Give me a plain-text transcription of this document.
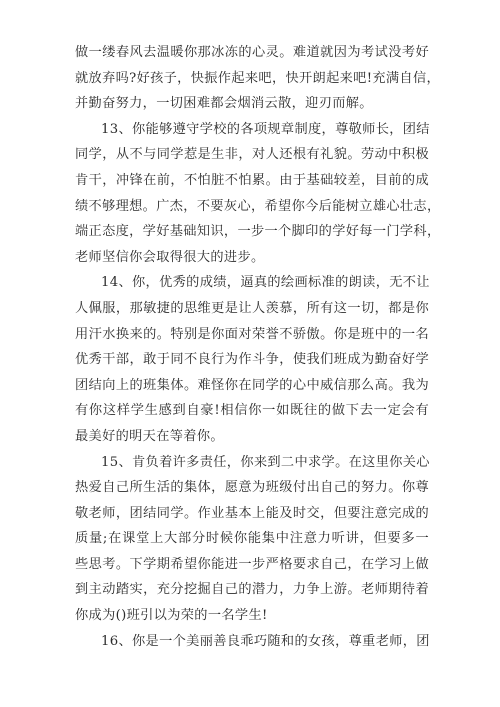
做一缕春风去温暖你那冰冻的心灵。难道就因为考试没考好
就放弃吗?好孩子，快振作起来吧，快开朗起来吧!充满自信，
并勤奋努力，一切困难都会烟消云散，迎刃而解。
13、你能够遵守学校的各项规章制度，尊敬师长，团结
同学，从不与同学惹是生非，对人还根有礼貌。劳动中积极
肯干，冲锋在前，不怕脏不怕累。由于基础较差，目前的成
绩不够理想。广杰，不要灰心，希望你今后能树立雄心壮志，
端正态度，学好基础知识，一步一个脚印的学好每一门学科，
老师坚信你会取得很大的进步。
14、你，优秀的成绩，逼真的绘画标准的朗读，无不让
人佩服，那敏捷的思维更是让人羡慕，所有这一切，都是你
用汗水换来的。特别是你面对荣誉不骄傲。你是班中的一名
优秀干部，敢于同不良行为作斗争，使我们班成为勤奋好学
团结向上的班集体。难怪你在同学的心中威信那么高。我为
有你这样学生感到自豪!相信你一如既往的做下去一定会有
最美好的明天在等着你。
15、肯负着许多责任，你来到二中求学。在这里你关心
热爱自己所生活的集体，愿意为班级付出自己的努力。你尊
敬老师，团结同学。作业基本上能及时交，但要注意完成的
质量;在课堂上大部分时候你能集中注意力听讲，但要多一
些思考。下学期希望你能进一步严格要求自己，在学习上做
到主动踏实，充分挖掘自己的潜力，力争上游。老师期待着
你成为()班引以为荣的一名学生!
16、你是一个美丽善良乖巧随和的女孩，尊重老师，团
